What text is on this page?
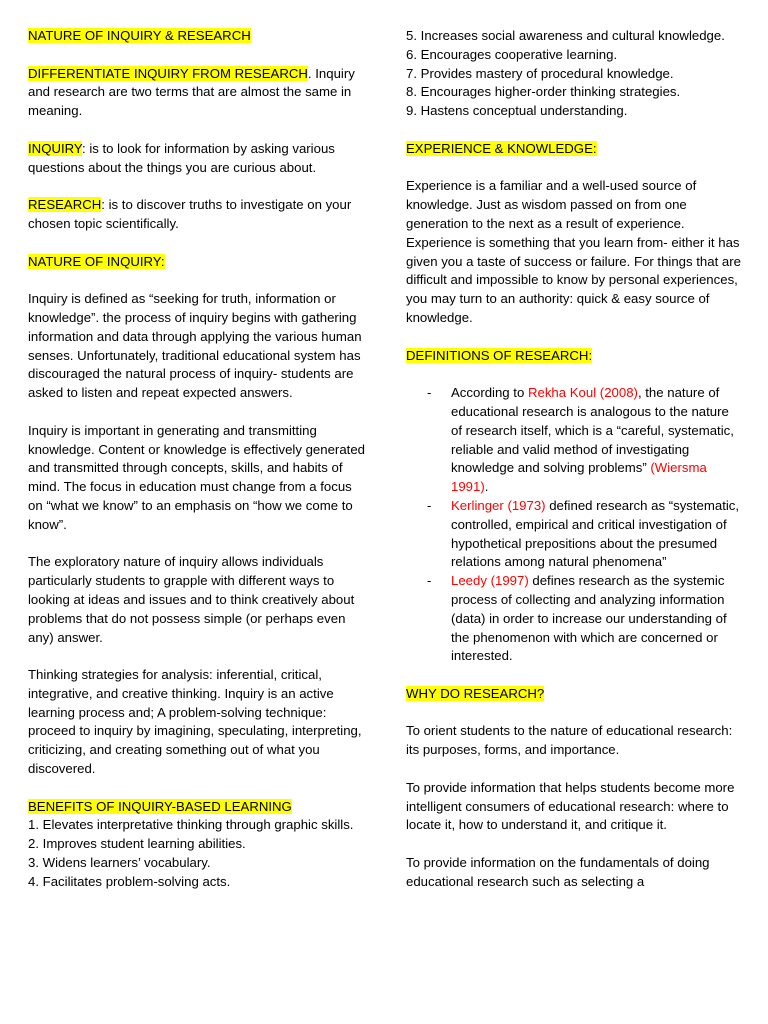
NATURE OF INQUIRY & RESEARCH

DIFFERENTIATE INQUIRY FROM RESEARCH. Inquiry and research are two terms that are almost the same in meaning.

INQUIRY: is to look for information by asking various questions about the things you are curious about.

RESEARCH: is to discover truths to investigate on your chosen topic scientifically.

NATURE OF INQUIRY:

Inquiry is defined as “seeking for truth, information or knowledge”. the process of inquiry begins with gathering information and data through applying the various human senses. Unfortunately, traditional educational system has discouraged the natural process of inquiry- students are asked to listen and repeat expected answers.

Inquiry is important in generating and transmitting knowledge. Content or knowledge is effectively generated and transmitted through concepts, skills, and habits of mind. The focus in education must change from a focus on “what we know” to an emphasis on “how we come to know”.

The exploratory nature of inquiry allows individuals particularly students to grapple with different ways to looking at ideas and issues and to think creatively about problems that do not possess simple (or perhaps even any) answer.

Thinking strategies for analysis: inferential, critical, integrative, and creative thinking. Inquiry is an active learning process and; A problem-solving technique: proceed to inquiry by imagining, speculating, interpreting, criticizing, and creating something out of what you discovered.

BENEFITS OF INQUIRY-BASED LEARNING

1. Elevates interpretative thinking through graphic skills.
2. Improves student learning abilities.
3. Widens learners’ vocabulary.
4. Facilitates problem-solving acts.
5. Increases social awareness and cultural knowledge.
6. Encourages cooperative learning.
7. Provides mastery of procedural knowledge.
8. Encourages higher-order thinking strategies.
9. Hastens conceptual understanding.

EXPERIENCE & KNOWLEDGE:

Experience is a familiar and a well-used source of knowledge. Just as wisdom passed on from one generation to the next as a result of experience. Experience is something that you learn from- either it has given you a taste of success or failure. For things that are difficult and impossible to know by personal experiences, you may turn to an authority: quick & easy source of knowledge.

DEFINITIONS OF RESEARCH:

- According to Rekha Koul (2008), the nature of educational research is analogous to the nature of research itself, which is a “careful, systematic, reliable and valid method of investigating knowledge and solving problems” (Wiersma 1991).
- Kerlinger (1973) defined research as “systematic, controlled, empirical and critical investigation of hypothetical prepositions about the presumed relations among natural phenomena”
- Leedy (1997) defines research as the systemic process of collecting and analyzing information (data) in order to increase our understanding of the phenomenon with which are concerned or interested.

WHY DO RESEARCH?

To orient students to the nature of educational research: its purposes, forms, and importance.

To provide information that helps students become more intelligent consumers of educational research: where to locate it, how to understand it, and critique it.

To provide information on the fundamentals of doing educational research such as selecting a
